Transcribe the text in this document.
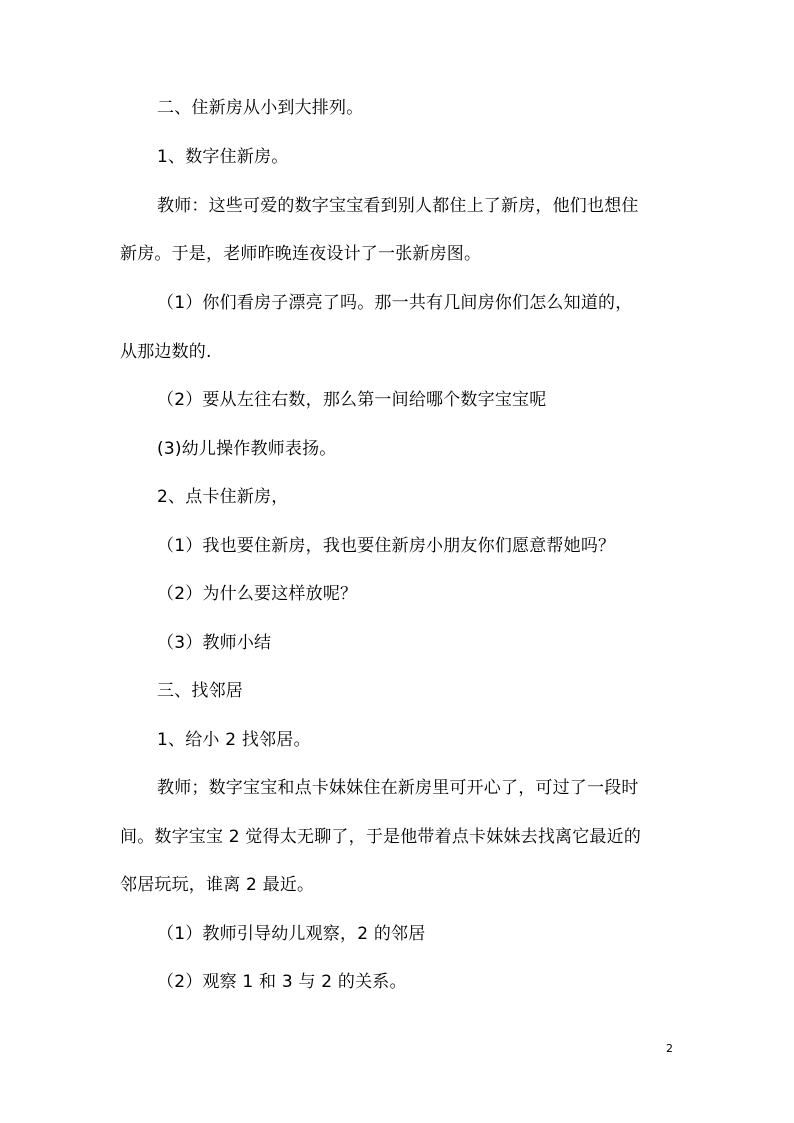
二、住新房从小到大排列。
1、数字住新房。
教师：这些可爱的数字宝宝看到别人都住上了新房，他们也想住
新房。于是，老师昨晚连夜设计了一张新房图。
（1）你们看房子漂亮了吗。那一共有几间房你们怎么知道的，
从那边数的.
（2）要从左往右数，那么第一间给哪个数字宝宝呢
(3)幼儿操作教师表扬。
2、点卡住新房，
（1）我也要住新房，我也要住新房小朋友你们愿意帮她吗？
（2）为什么要这样放呢？
（3）教师小结
三、找邻居
1、给小 2 找邻居。
教师；数字宝宝和点卡妹妹住在新房里可开心了，可过了一段时
间。数字宝宝 2 觉得太无聊了，于是他带着点卡妹妹去找离它最近的
邻居玩玩，谁离 2 最近。
（1）教师引导幼儿观察，2 的邻居
（2）观察 1 和 3 与 2 的关系。
2
